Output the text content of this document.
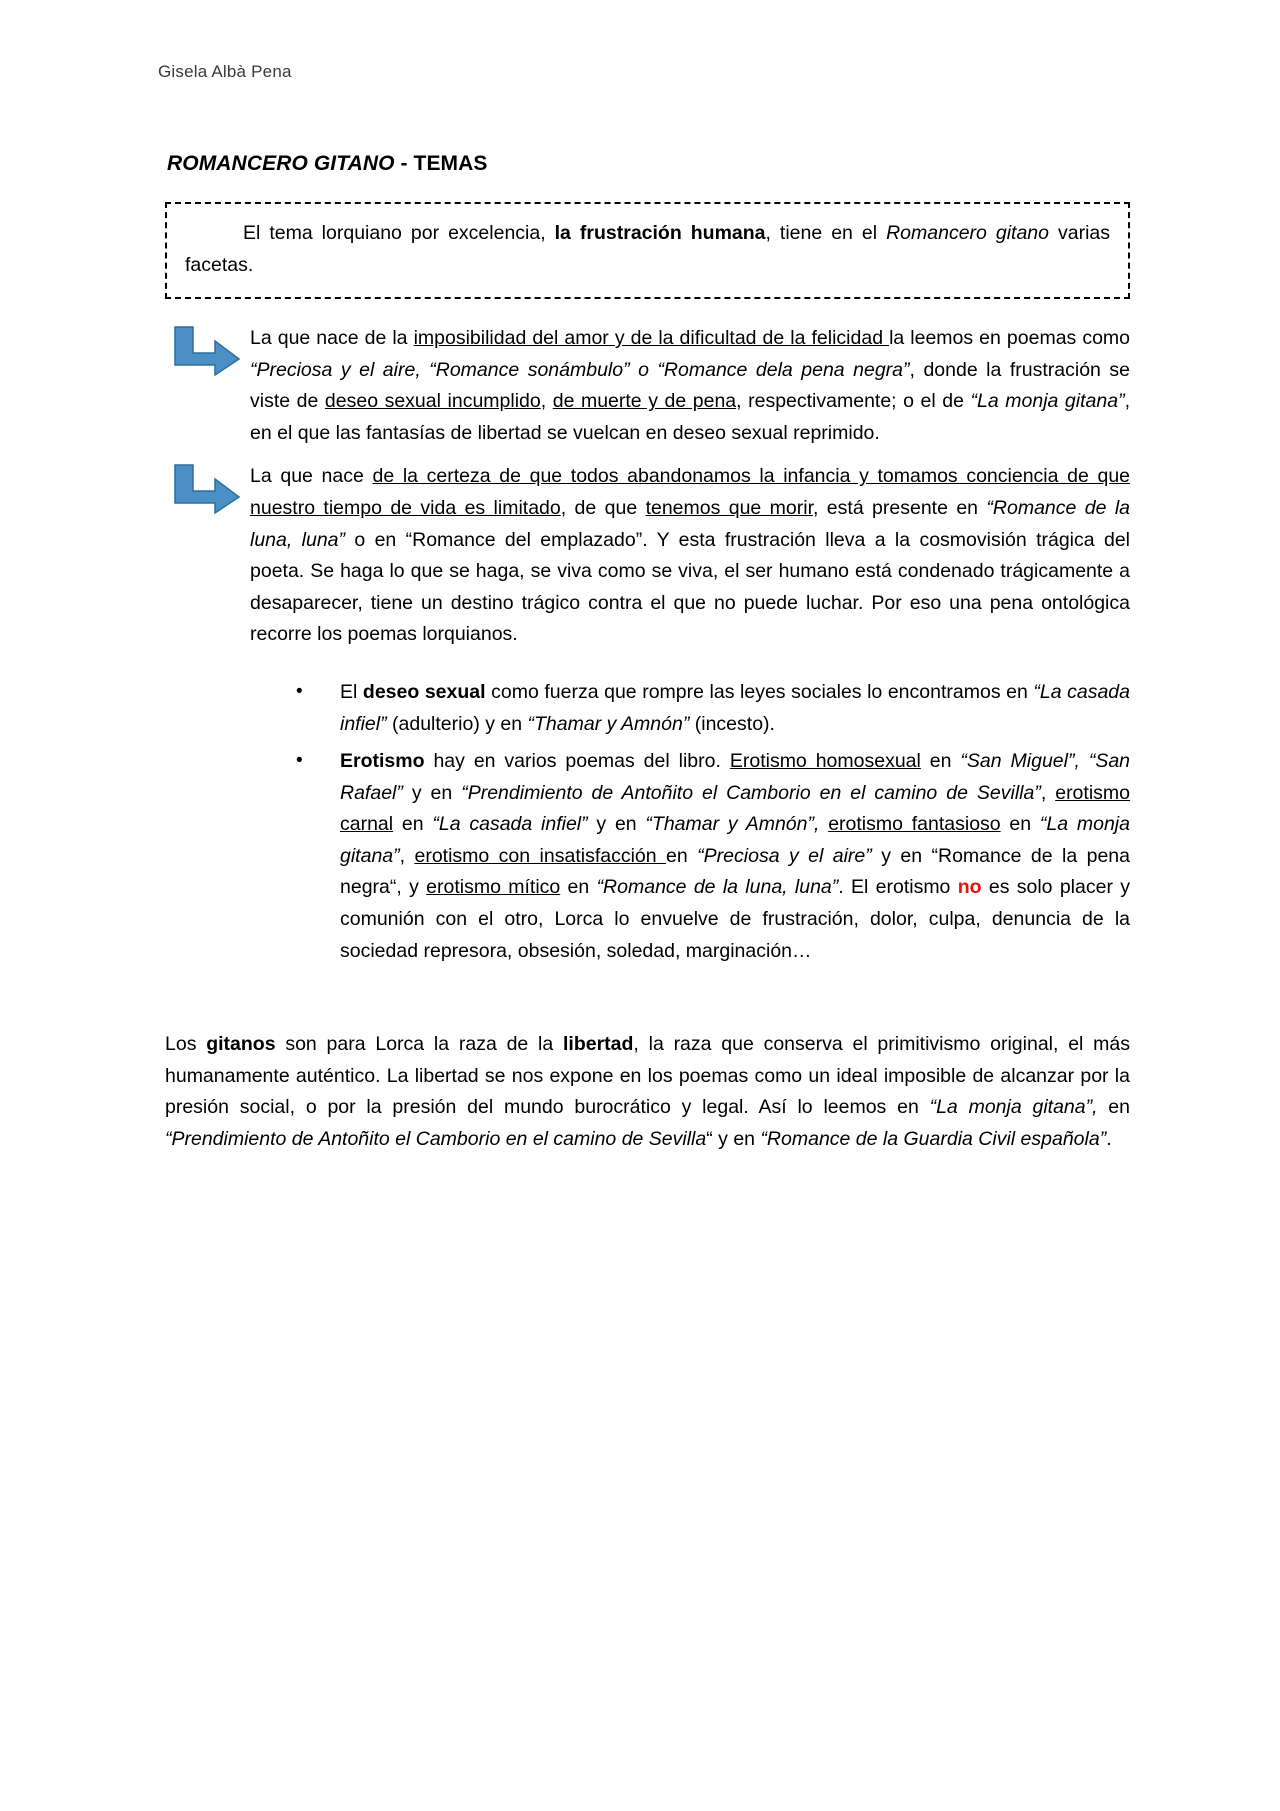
Gisela Albà Pena
ROMANCERO GITANO - TEMAS

El tema lorquiano por excelencia, la frustración humana, tiene en el Romancero gitano varias facetas.

La que nace de la imposibilidad del amor y de la dificultad de la felicidad la leemos en poemas como “Preciosa y el aire, “Romance sonámbulo” o “Romance dela pena negra”, donde la frustración se viste de deseo sexual incumplido, de muerte y de pena, respectivamente; o el de “La monja gitana”, en el que las fantasías de libertad se vuelcan en deseo sexual reprimido.

La que nace de la certeza de que todos abandonamos la infancia y tomamos conciencia de que nuestro tiempo de vida es limitado, de que tenemos que morir, está presente en “Romance de la luna, luna” o en “Romance del emplazado”. Y esta frustración lleva a la cosmovisión trágica del poeta. Se haga lo que se haga, se viva como se viva, el ser humano está condenado trágicamente a desaparecer, tiene un destino trágico contra el que no puede luchar. Por eso una pena ontológica recorre los poemas lorquianos.

• El deseo sexual como fuerza que rompre las leyes sociales lo encontramos en “La casada infiel” (adulterio) y en “Thamar y Amnón” (incesto).
• Erotismo hay en varios poemas del libro. Erotismo homosexual en “San Miguel”, “San Rafael” y en “Prendimiento de Antoñito el Camborio en el camino de Sevilla”, erotismo carnal en “La casada infiel” y en “Thamar y Amnón”, erotismo fantasioso en “La monja gitana”, erotismo con insatisfacción en “Preciosa y el aire” y en “Romance de la pena negra“, y erotismo mítico en “Romance de la luna, luna”. El erotismo no es solo placer y comunión con el otro, Lorca lo envuelve de frustración, dolor, culpa, denuncia de la sociedad represora, obsesión, soledad, marginación…

Los gitanos son para Lorca la raza de la libertad, la raza que conserva el primitivismo original, el más humanamente auténtico. La libertad se nos expone en los poemas como un ideal imposible de alcanzar por la presión social, o por la presión del mundo burocrático y legal. Así lo leemos en “La monja gitana”, en “Prendimiento de Antoñito el Camborio en el camino de Sevilla“ y en “Romance de la Guardia Civil española”.
